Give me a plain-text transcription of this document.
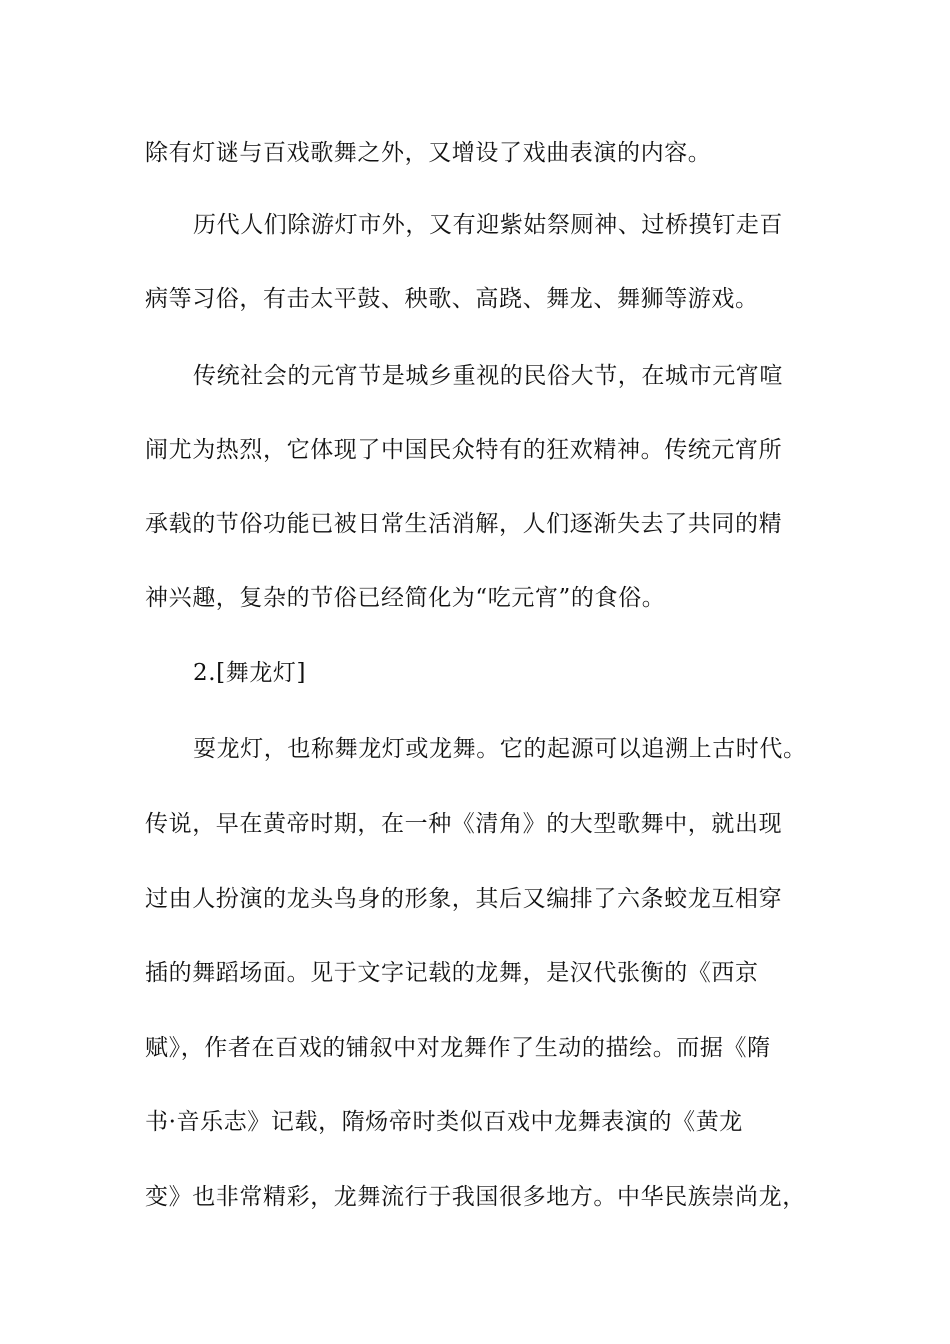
除有灯谜与百戏歌舞之外，又增设了戏曲表演的内容。
历代人们除游灯市外，又有迎紫姑祭厕神、过桥摸钉走百
病等习俗，有击太平鼓、秧歌、高跷、舞龙、舞狮等游戏。
传统社会的元宵节是城乡重视的民俗大节，在城市元宵喧
闹尤为热烈，它体现了中国民众特有的狂欢精神。传统元宵所
承载的节俗功能已被日常生活消解，人们逐渐失去了共同的精
神兴趣，复杂的节俗已经简化为“吃元宵”的食俗。
2.[舞龙灯]
耍龙灯，也称舞龙灯或龙舞。它的起源可以追溯上古时代。
传说，早在黄帝时期，在一种《清角》的大型歌舞中，就出现
过由人扮演的龙头鸟身的形象，其后又编排了六条蛟龙互相穿
插的舞蹈场面。见于文字记载的龙舞，是汉代张衡的《西京
赋》，作者在百戏的铺叙中对龙舞作了生动的描绘。而据《隋
书·音乐志》记载，隋炀帝时类似百戏中龙舞表演的《黄龙
变》也非常精彩，龙舞流行于我国很多地方。中华民族崇尚龙，
